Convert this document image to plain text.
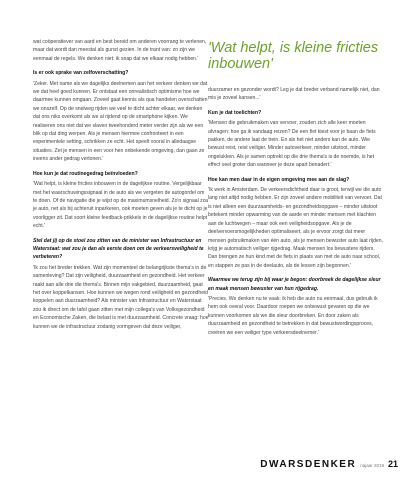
wat coöperatiever van aard en best bereid om anderen voorrang te verlenen, maar dat wordt dan meestal als gunst gezien. In de trant van: zo zijn we eenmaal de regels. We denken niet: ik snap dat we elkaar nodig hebben.'

Is er ook sprake van zelfoverschatting?

'Zeker. Met name als we dagelijks deelnemen aan het verkeer denken we dat we dat heel goed kunnen. Er ontstaat een onrealistisch optimisme hoe we daarmee kunnen omgaan. Zoveel gaat kennis als qua handelen overschatten we onszelf. Op de snelweg rijden we veel te dicht achter elkaar, we denken dat ons niks overkomt als we al rijdend op de smartphone kijken. We realiseren ons niet dat we slaven tweehonderd meter verder zijn als we een blik op dat ding werpen. Als je mensen hiermee confronteert in een experimentele setting, schrikken ze echt. Het speelt vooral in alledaagse situaties. Zet je mensen in een voor hen onbekende omgeving, dan gaan ze ineens ander gedrag vertonen.'

Hoe kun je dat routinegedrag beïnvloeden?

'Wat helpt, is kleine fricties inbouwen in de dagelijkse routine. Vergelijkbaar met het waarschuwingssignaal in de auto als we vergeten de autogordel om te doen. Of de navigatie die je wijst op de maximumsnelheid. Zo'n signaal zou je auto, net als bij achteruit inparkeren, ook moeten geven als je te dicht op je voorligger zit. Dat soort kleine feedback-prikkels in de dagelijkse routine helpt echt.'

Stel dat jij op de stoel zou zitten van de minister van Infrastructuur en Waterstaat: wat zou je dan als eerste doen om de verkeersveiligheid te verbeteren?

'Ik zou het breder trekken. Wat zijn momenteel de belangrijkste thema's in de samenleving? Dat zijn veiligheid, duurzaamheid en gezondheid. Het verkeer raakt aan alle drie die thema's. Binnen mijn vakgebied, duurzaamheid, gaat het over koppelkansen. Hoe kunnen we wegen rond veiligheid en gezondheid koppelen aan duurzaamheid? Als minister van Infrastructuur en Waterstaat zou ik direct om de tafel gaan zitten met mijn collega's van Volksgezondheid en Economische Zaken, die belast is met duurzaamheid. Concrete vraag: hoe kunnen we de infrastructuur zodanig vormgeven dat deze veiliger,

'Wat helpt, is kleine fricties inbouwen'

duurzamer en gezonder wordt? Leg je dat breder verband namelijk niet, dan mis je zoveel kansen...'

Kun je dat toelichten?

'Mensen die gebruikmaken van vervoer, zouden zich alle keer moeten afvragen: hoe ga ik vandaag reizen? De een fiet kiest voor je baan de fiets pakken, de andere laat de trein. En als het niet anders kan de auto. Wie bewust reist, reist veiliger. Minder autoverkeer, minder uitstoot, minder ongelukken. Als je samen optrekt op die drie thema's is de noemde, is het effect veel groter dan wanneer je deze apart benadert.'

Hoe kan men daar in de eigen omgeving mee aan de slag?

'Ik werk in Amsterdam. De verkeersdichtheid daar is groot, terwijl we die auto lang niet altijd nodig hebben. Er zijn zoveel andere mobiliteit van vervoer. Dat is niet alleen een duurzaamheids- en gezondheidsopgave – minder uitstoot betekent minder opwarming van de aarde en minder mensen met klachten aan de luchtwegen – maar ook een veiligheidsopgave. Als je de deelvervoersmogelijkheden optimaliseert, als je ervoor zorgt dat meer mensen gebruikmaken van één auto, als je mensen bewuster auto laat rijden, krijg je automatisch veiliger rijgedrag. Maak mensen los bewustere rijders. Dan brengen ze hun kind met de fiets in plaats van met de auto naar school, en stappen ze pas in de deelauto, als de lessen zijn begonnen.'

Waarmee we terug zijn bij waar je begon: doorbreek de dagelijkse sleur en maak mensen bewuster van hun rijgedrag.

'Precies. We denken nu te vaak: ik heb die auto nu eenmaal, dus gebruik ik hem ook overal voor. Daardoor roepen we onbewust gevaren op die we kunnen voorkomen als we die sleur doorbreken. En door zaken als duurzaamheid en gezondheid te betrekken in dat bewustwordingsproces, creëren we een veiliger type verkeersdeelnemer.'

DWARSDENKER najaar 2019 21
